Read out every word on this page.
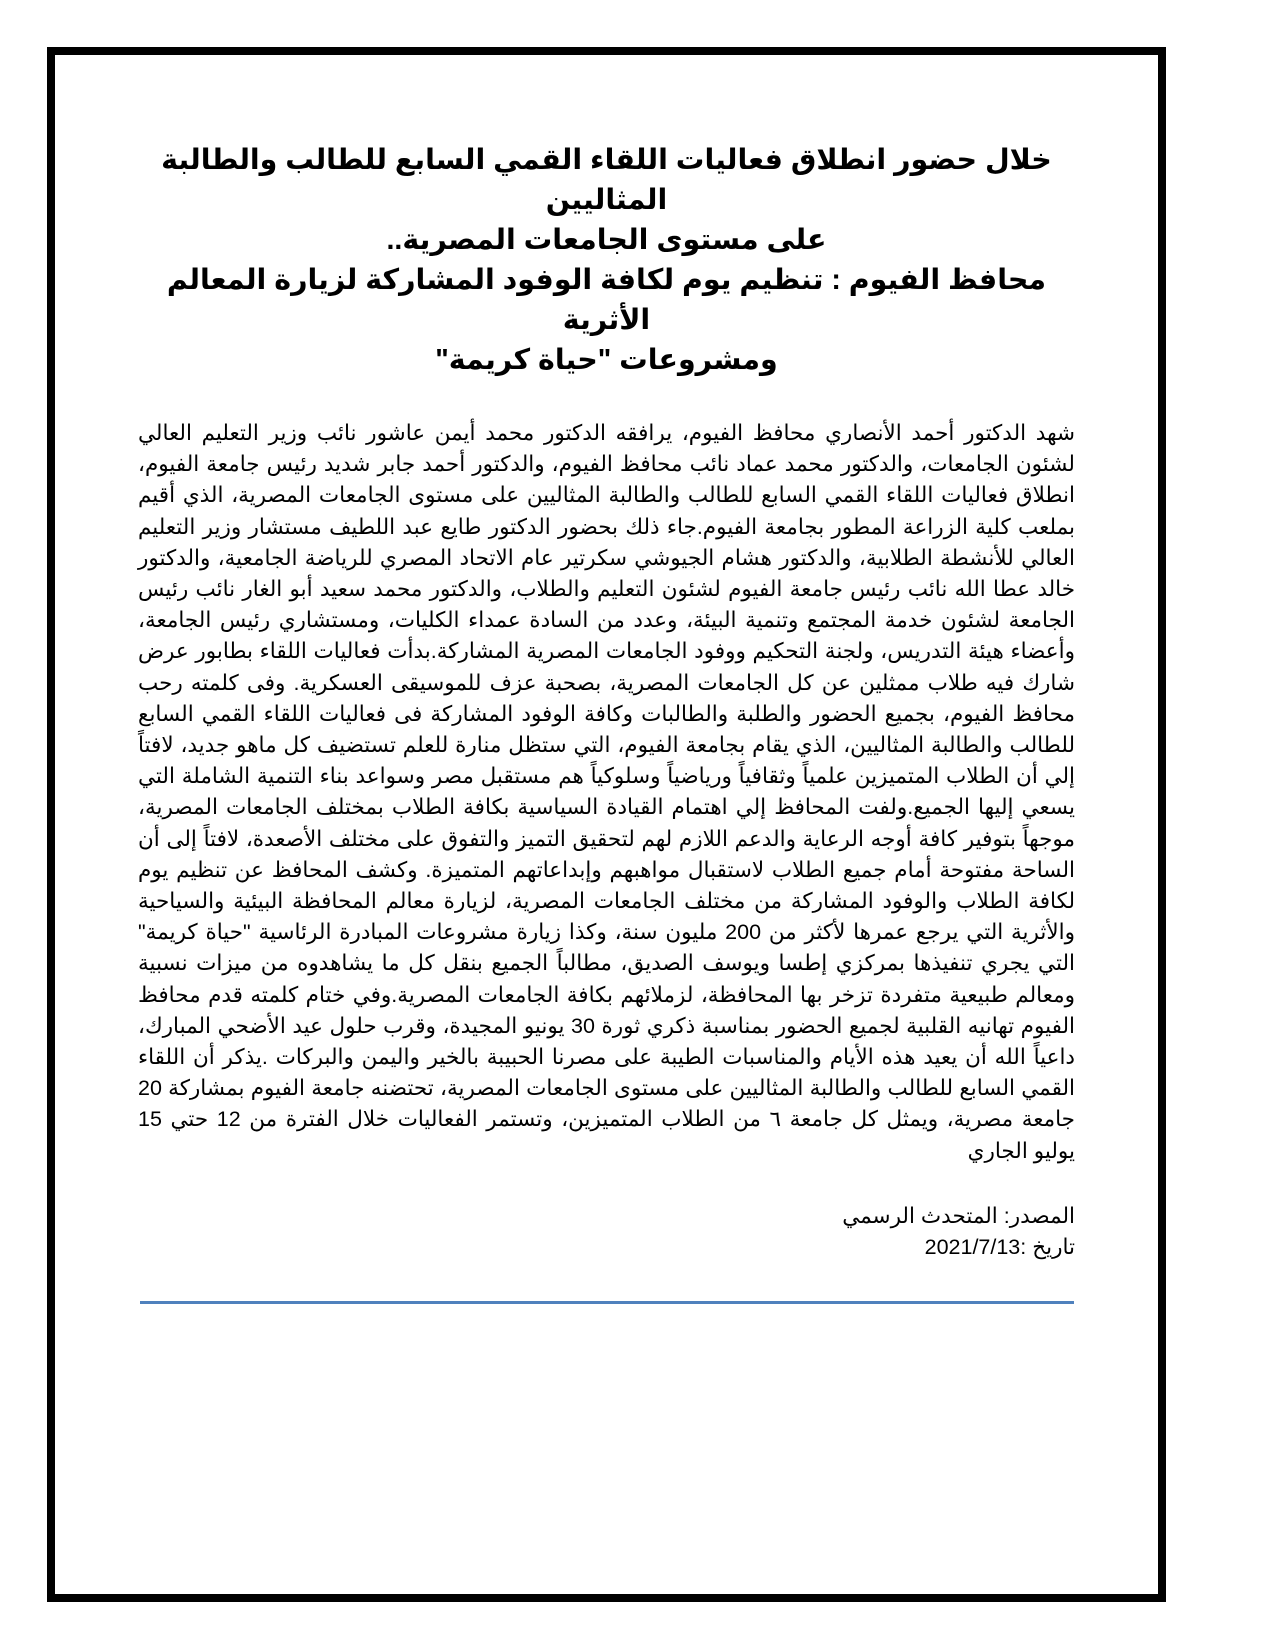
خلال حضور انطلاق فعاليات اللقاء القمي السابع للطالب والطالبة المثاليين
على مستوى الجامعات المصرية..
محافظ الفيوم : تنظيم يوم لكافة الوفود المشاركة لزيارة المعالم الأثرية
ومشروعات "حياة كريمة"

شهد الدكتور أحمد الأنصاري محافظ الفيوم، يرافقه الدكتور محمد أيمن عاشور نائب وزير التعليم العالي لشئون الجامعات، والدكتور محمد عماد نائب محافظ الفيوم، والدكتور أحمد جابر شديد رئيس جامعة الفيوم، انطلاق فعاليات اللقاء القمي السابع للطالب والطالبة المثاليين على مستوى الجامعات المصرية، الذي أقيم بملعب كلية الزراعة المطور بجامعة الفيوم.جاء ذلك بحضور الدكتور طايع عبد اللطيف مستشار وزير التعليم العالي للأنشطة الطلابية، والدكتور هشام الجيوشي سكرتير عام الاتحاد المصري للرياضة الجامعية، والدكتور خالد عطا الله نائب رئيس جامعة الفيوم لشئون التعليم والطلاب، والدكتور محمد سعيد أبو الغار نائب رئيس الجامعة لشئون خدمة المجتمع وتنمية البيئة، وعدد من السادة عمداء الكليات، ومستشاري رئيس الجامعة، وأعضاء هيئة التدريس، ولجنة التحكيم ووفود الجامعات المصرية المشاركة.بدأت فعاليات اللقاء بطابور عرض شارك فيه طلاب ممثلين عن كل الجامعات المصرية، بصحبة عزف للموسيقى العسكرية. وفى كلمته رحب محافظ الفيوم، بجميع الحضور والطلبة والطالبات وكافة الوفود المشاركة فى فعاليات اللقاء القمي السابع للطالب والطالبة المثاليين، الذي يقام بجامعة الفيوم، التي ستظل منارة للعلم تستضيف كل ماهو جديد، لافتاً إلي أن الطلاب المتميزين علمياً وثقافياً ورياضياً وسلوكياً هم مستقبل مصر وسواعد بناء التنمية الشاملة التي يسعي إليها الجميع.ولفت المحافظ إلي اهتمام القيادة السياسية بكافة الطلاب بمختلف الجامعات المصرية، موجهاً بتوفير كافة أوجه الرعاية والدعم اللازم لهم لتحقيق التميز والتفوق على مختلف الأصعدة، لافتاً إلى أن الساحة مفتوحة أمام جميع الطلاب لاستقبال مواهبهم وإبداعاتهم المتميزة. وكشف المحافظ عن تنظيم يوم لكافة الطلاب والوفود المشاركة من مختلف الجامعات المصرية، لزيارة معالم المحافظة البيئية والسياحية والأثرية التي يرجع عمرها لأكثر من 200 مليون سنة، وكذا زيارة مشروعات المبادرة الرئاسية "حياة كريمة" التي يجري تنفيذها بمركزي إطسا ويوسف الصديق، مطالباً الجميع بنقل كل ما يشاهدوه من ميزات نسبية ومعالم طبيعية متفردة تزخر بها المحافظة، لزملائهم بكافة الجامعات المصرية.وفي ختام كلمته قدم محافظ الفيوم تهانيه القلبية لجميع الحضور بمناسبة ذكري ثورة 30 يونيو المجيدة، وقرب حلول عيد الأضحي المبارك، داعياً الله أن يعيد هذه الأيام والمناسبات الطيبة على مصرنا الحبيبة بالخير واليمن والبركات .يذكر أن اللقاء القمي السابع للطالب والطالبة المثاليين على مستوى الجامعات المصرية، تحتضنه جامعة الفيوم بمشاركة 20 جامعة مصرية، ويمثل كل جامعة ٦ من الطلاب المتميزين، وتستمر الفعاليات خلال الفترة من 12 حتي 15 يوليو الجاري

المصدر: المتحدث الرسمي
تاريخ :2021/7/13
